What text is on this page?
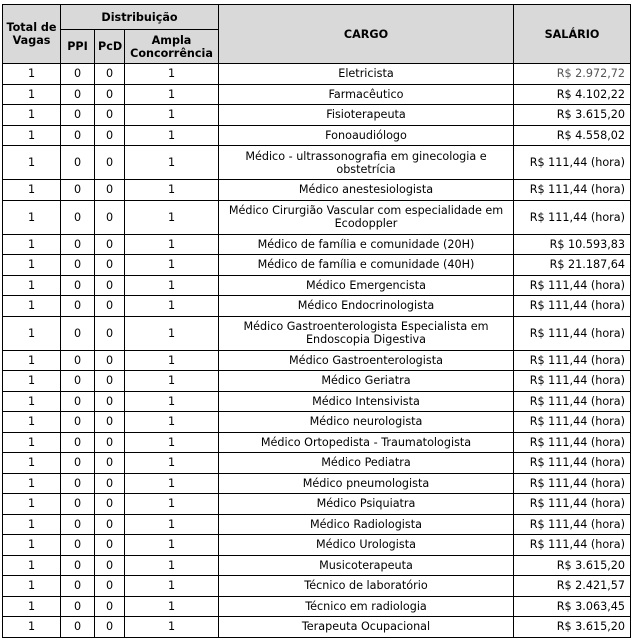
Total de Vagas	Distribuição			CARGO	SALÁRIO
	PPI	PcD	Ampla Concorrência		
1	0	0	1	Eletricista	R$ 2.972,72
1	0	0	1	Farmacêutico	R$ 4.102,22
1	0	0	1	Fisioterapeuta	R$ 3.615,20
1	0	0	1	Fonoaudiólogo	R$ 4.558,02
1	0	0	1	Médico - ultrassonografia em ginecologia e obstetrícia	R$ 111,44 (hora)
1	0	0	1	Médico anestesiologista	R$ 111,44 (hora)
1	0	0	1	Médico Cirurgião Vascular com especialidade em Ecodoppler	R$ 111,44 (hora)
1	0	0	1	Médico de família e comunidade (20H)	R$ 10.593,83
1	0	0	1	Médico de família e comunidade (40H)	R$ 21.187,64
1	0	0	1	Médico Emergencista	R$ 111,44 (hora)
1	0	0	1	Médico Endocrinologista	R$ 111,44 (hora)
1	0	0	1	Médico Gastroenterologista Especialista em Endoscopia Digestiva	R$ 111,44 (hora)
1	0	0	1	Médico Gastroenterologista	R$ 111,44 (hora)
1	0	0	1	Médico Geriatra	R$ 111,44 (hora)
1	0	0	1	Médico Intensivista	R$ 111,44 (hora)
1	0	0	1	Médico neurologista	R$ 111,44 (hora)
1	0	0	1	Médico Ortopedista - Traumatologista	R$ 111,44 (hora)
1	0	0	1	Médico Pediatra	R$ 111,44 (hora)
1	0	0	1	Médico pneumologista	R$ 111,44 (hora)
1	0	0	1	Médico Psiquiatra	R$ 111,44 (hora)
1	0	0	1	Médico Radiologista	R$ 111,44 (hora)
1	0	0	1	Médico Urologista	R$ 111,44 (hora)
1	0	0	1	Musicoterapeuta	R$ 3.615,20
1	0	0	1	Técnico de laboratório	R$ 2.421,57
1	0	0	1	Técnico em radiologia	R$ 3.063,45
1	0	0	1	Terapeuta Ocupacional	R$ 3.615,20
